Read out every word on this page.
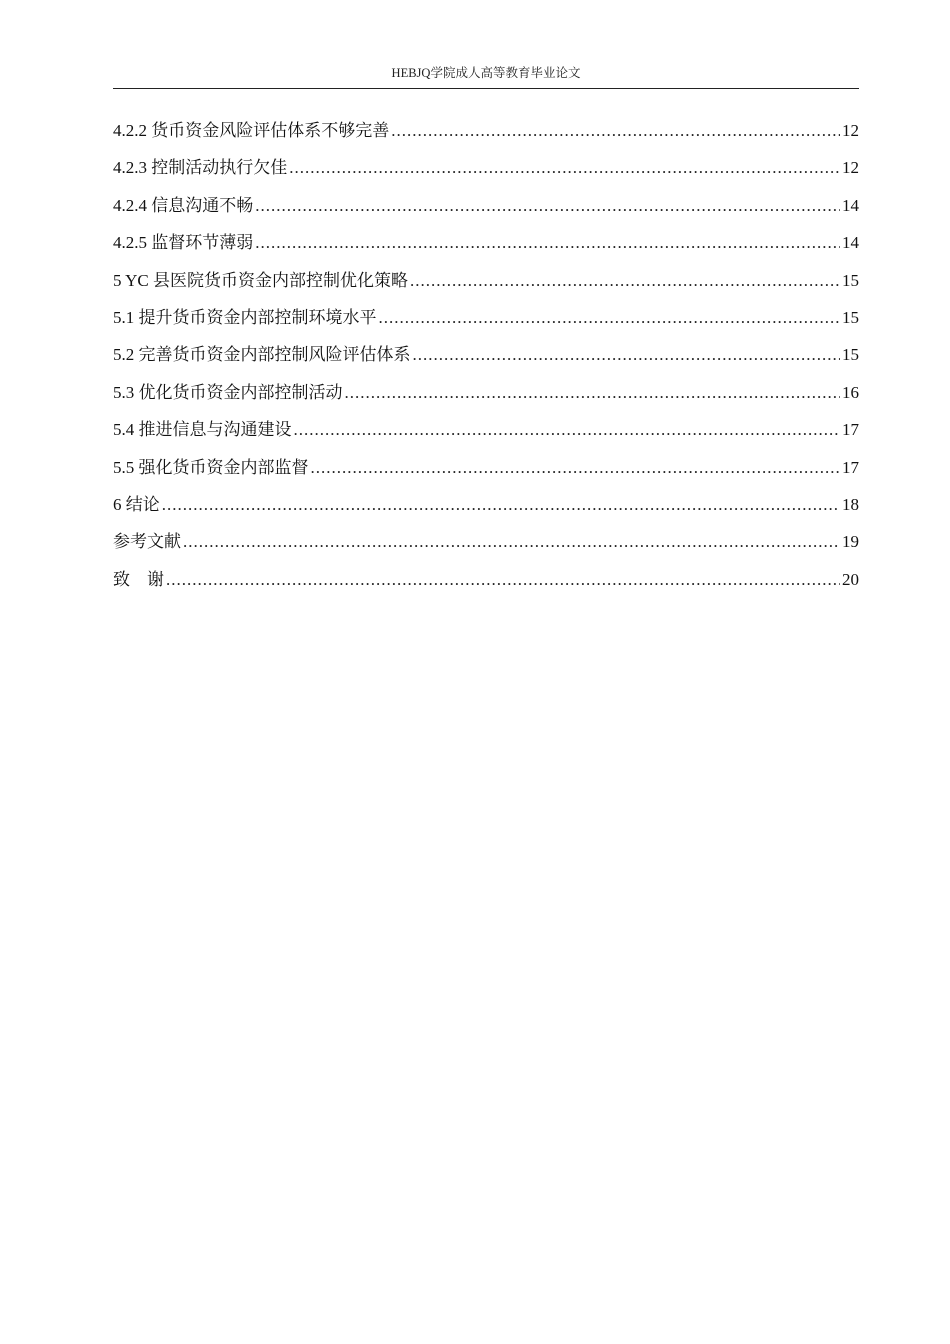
HEBJQ学院成人高等教育毕业论文
4.2.2 货币资金风险评估体系不够完善 .....	12
4.2.3 控制活动执行欠佳 .....	12
4.2.4 信息沟通不畅 .....	14
4.2.5 监督环节薄弱 .....	14
5 YC 县医院货币资金内部控制优化策略 .....	15
5.1 提升货币资金内部控制环境水平 .....	15
5.2 完善货币资金内部控制风险评估体系 .....	15
5.3 优化货币资金内部控制活动 .....	16
5.4 推进信息与沟通建设 .....	17
5.5 强化货币资金内部监督 .....	17
6 结论 .....	18
参考文献 .....	19
致    谢 .....	20
